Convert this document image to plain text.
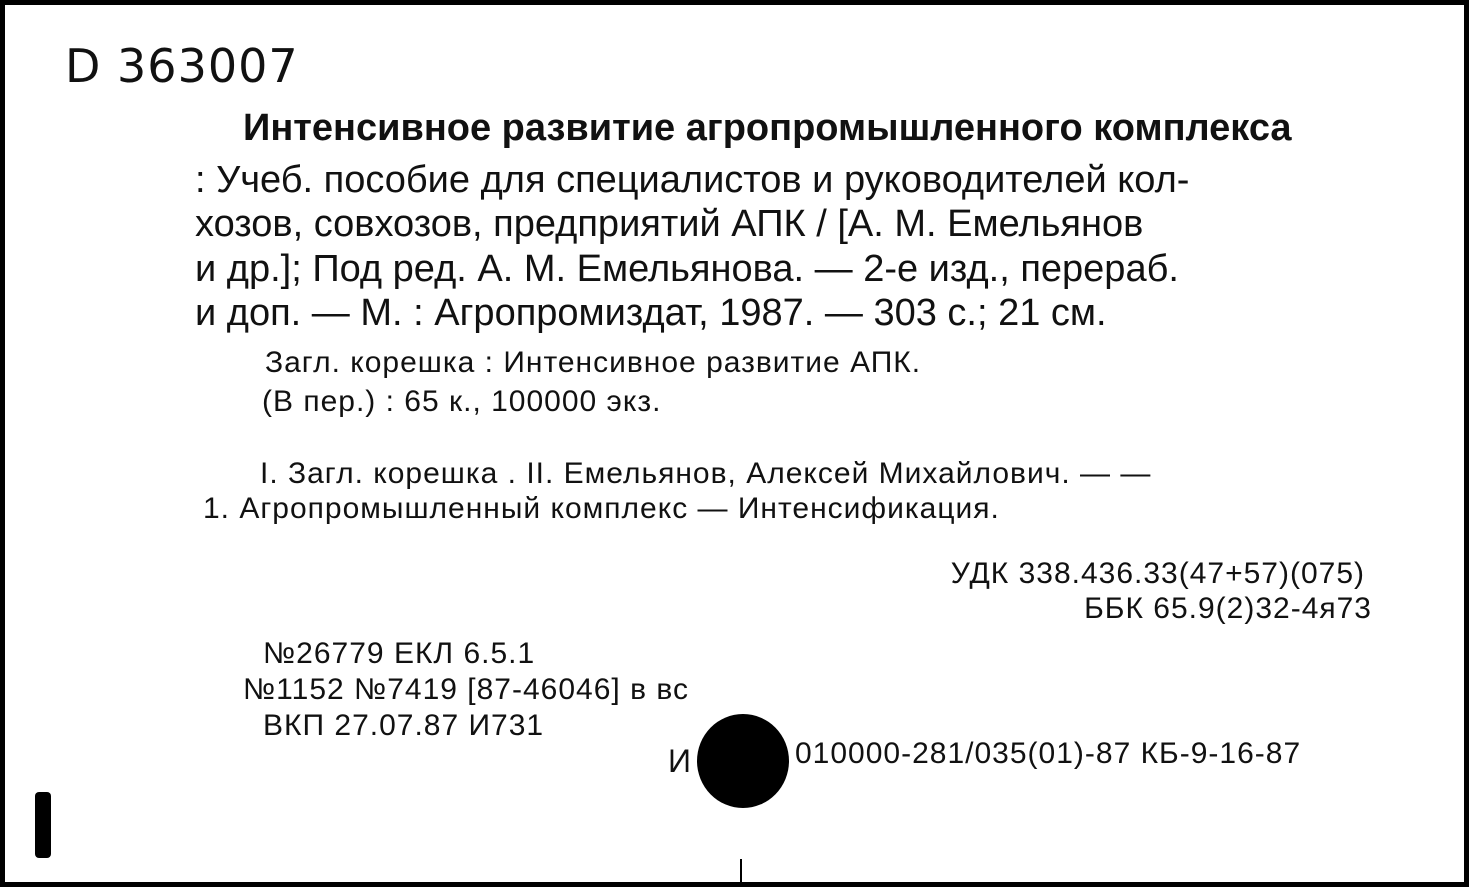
D 363007
Интенсивное развитие агропромышленного комплекса
: Учеб. пособие для специалистов и руководителей кол-
хозов, совхозов, предприятий АПК / [А. М. Емельянов
и др.]; Под ред. А. М. Емельянова. — 2-е изд., перераб.
и доп. — М. : Агропромиздат, 1987. — 303 с.; 21 см.
Загл. корешка : Интенсивное развитие АПК.
(В пер.) : 65 к., 100000 экз.
I. Загл. корешка . II. Емельянов, Алексей Михайлович. — —
1. Агропромышленный комплекс — Интенсификация.
УДК 338.436.33(47+57)(075)
ББК 65.9(2)32-4я73
№26779 ЕКЛ 6.5.1
№1152 №7419 [87-46046] в вс
ВКП 27.07.87 И731
И	010000-281/035(01)-87 КБ-9-16-87
